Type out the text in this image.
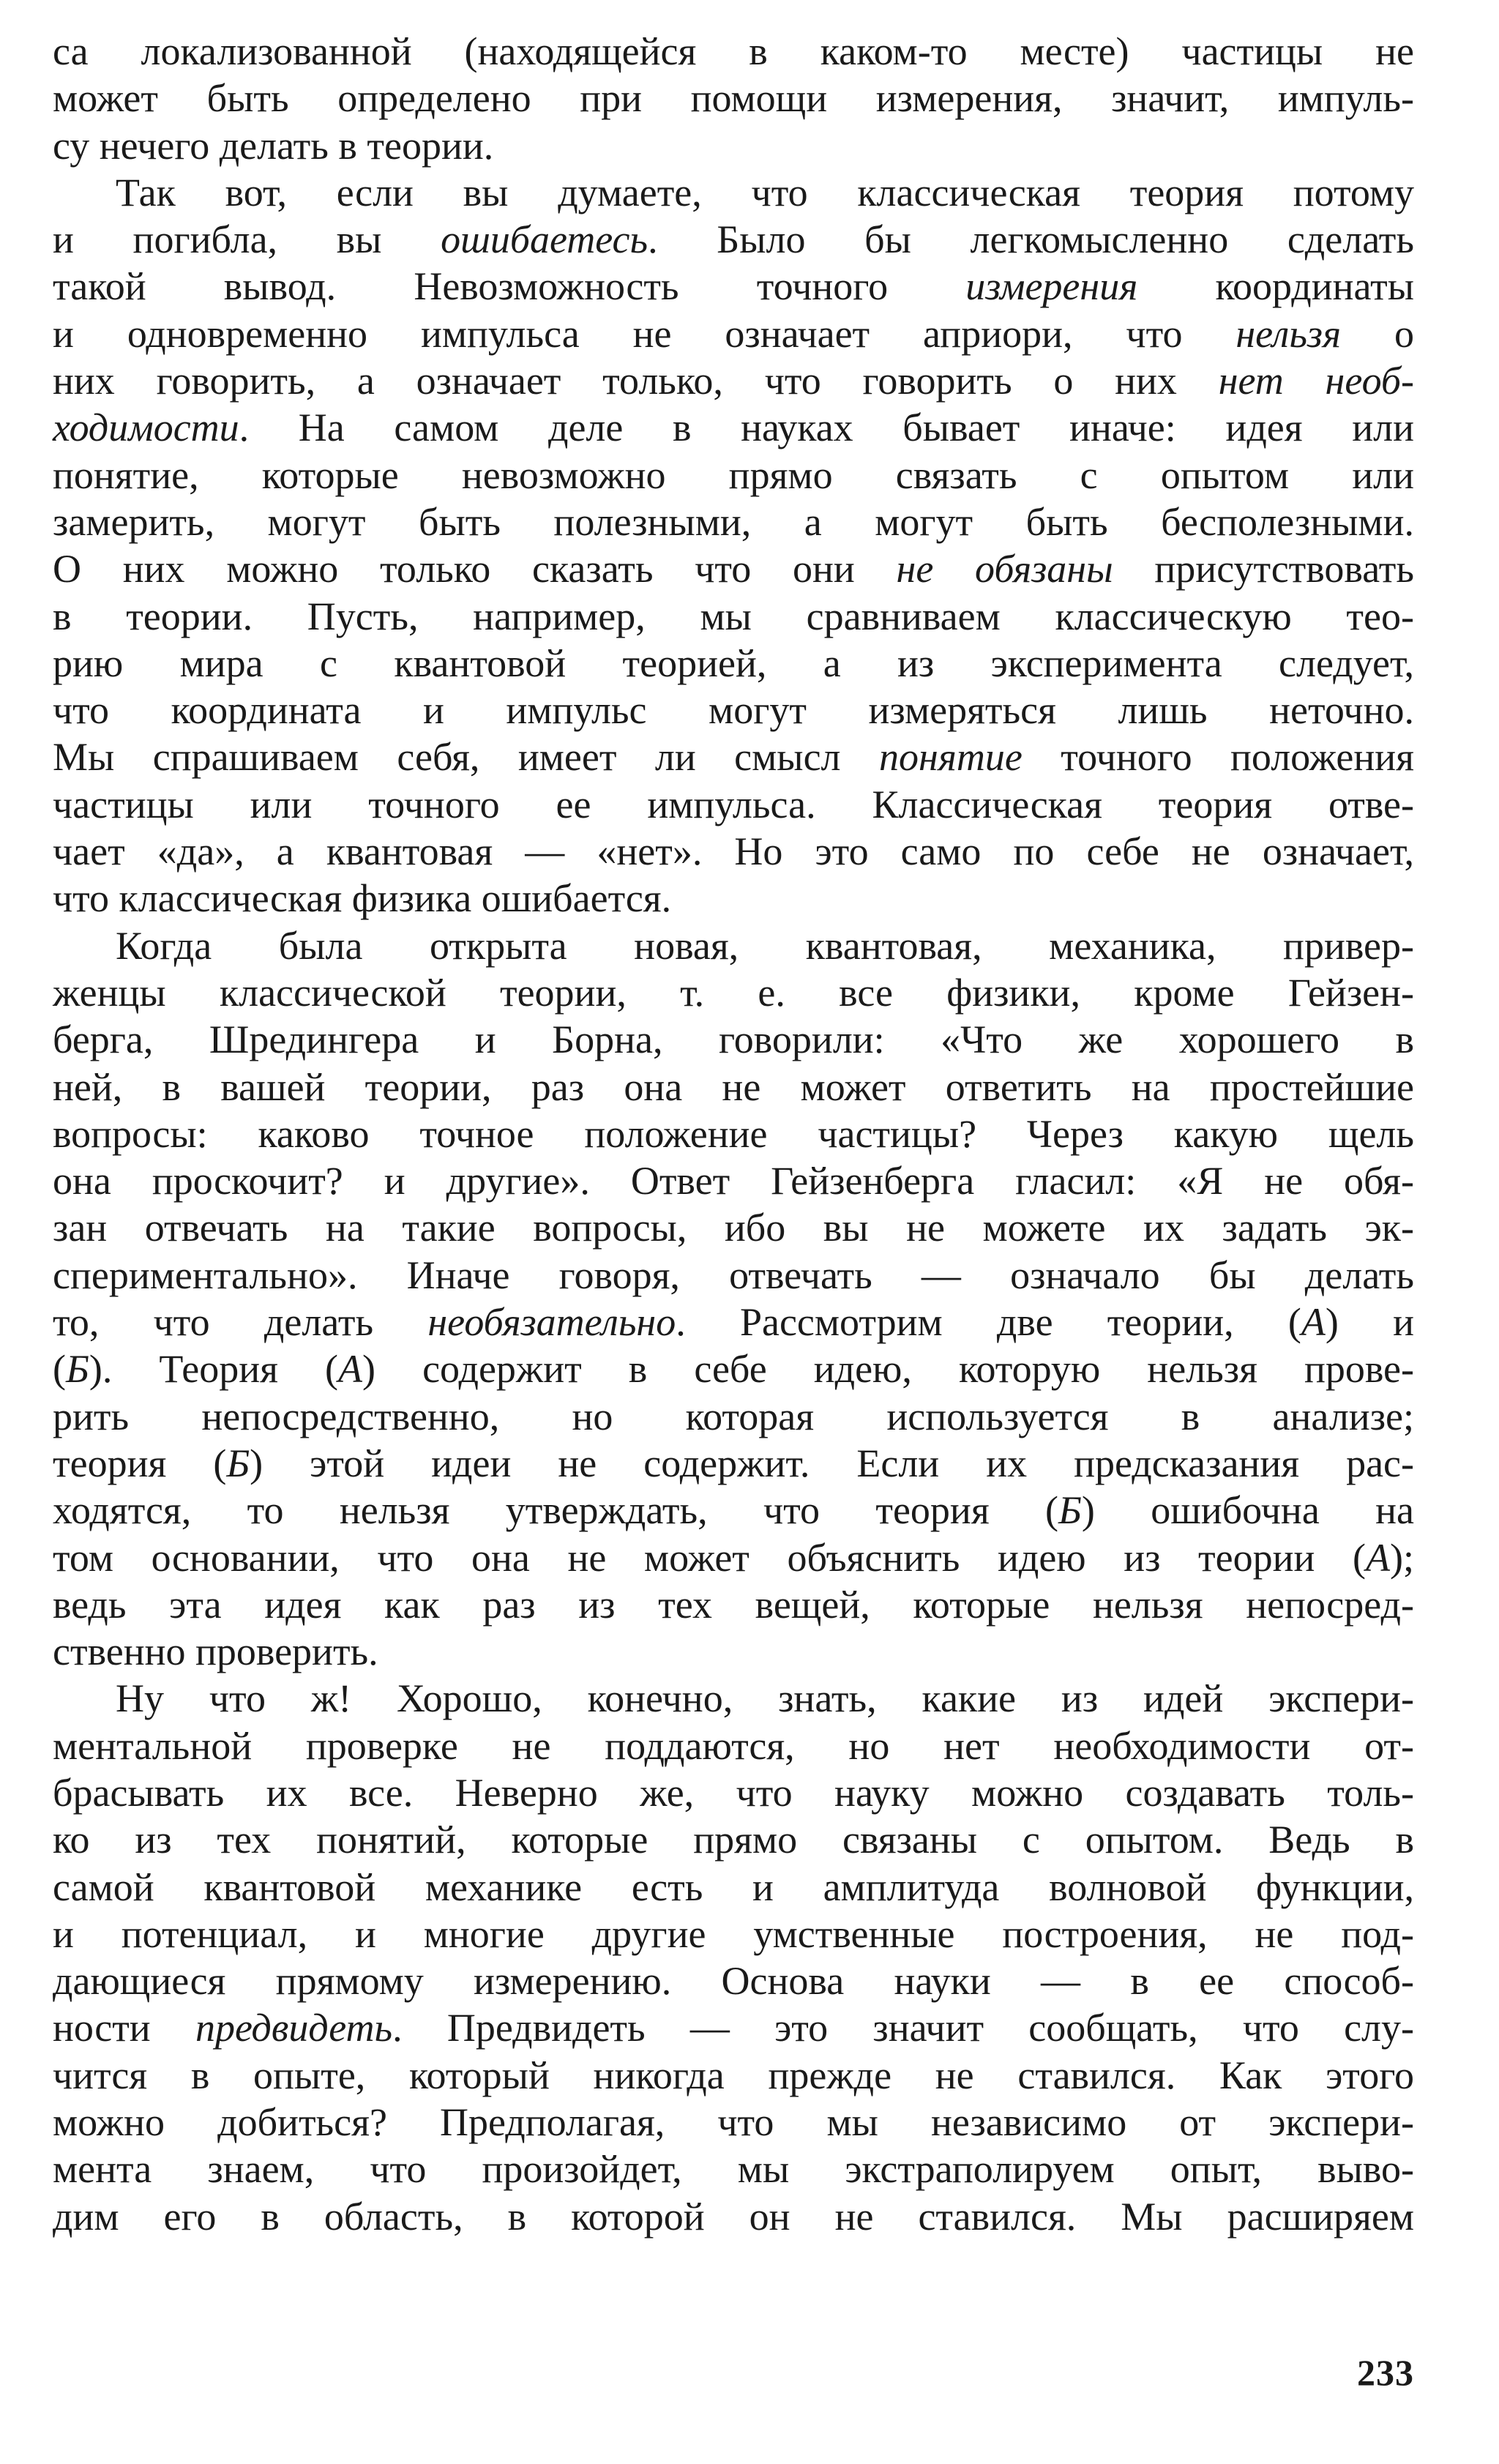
са локализованной (находящейся в каком-то месте) частицы не
может быть определено при помощи измерения, значит, импуль-
су нечего делать в теории.
Так вот, если вы думаете, что классическая теория потому
и погибла, вы ошибаетесь. Было бы легкомысленно сделать
такой вывод. Невозможность точного измерения координаты
и одновременно импульса не означает априори, что нельзя о
них говорить, а означает только, что говорить о них нет необ-
ходимости. На самом деле в науках бывает иначе: идея или
понятие, которые невозможно прямо связать с опытом или
замерить, могут быть полезными, а могут быть бесполезными.
О них можно только сказать что они не обязаны присутствовать
в теории. Пусть, например, мы сравниваем классическую тео-
рию мира с квантовой теорией, а из эксперимента следует,
что координата и импульс могут измеряться лишь неточно.
Мы спрашиваем себя, имеет ли смысл понятие точного положения
частицы или точного ее импульса. Классическая теория отве-
чает «да», а квантовая — «нет». Но это само по себе не означает,
что классическая физика ошибается.
Когда была открыта новая, квантовая, механика, привер-
женцы классической теории, т. е. все физики, кроме Гейзен-
берга, Шредингера и Борна, говорили: «Что же хорошего в
ней, в вашей теории, раз она не может ответить на простейшие
вопросы: каково точное положение частицы? Через какую щель
она проскочит? и другие». Ответ Гейзенберга гласил: «Я не обя-
зан отвечать на такие вопросы, ибо вы не можете их задать эк-
спериментально». Иначе говоря, отвечать — означало бы делать
то, что делать необязательно. Рассмотрим две теории, (А) и
(Б). Теория (А) содержит в себе идею, которую нельзя прове-
рить непосредственно, но которая используется в анализе;
теория (Б) этой идеи не содержит. Если их предсказания рас-
ходятся, то нельзя утверждать, что теория (Б) ошибочна на
том основании, что она не может объяснить идею из теории (А);
ведь эта идея как раз из тех вещей, которые нельзя непосред-
ственно проверить.
Ну что ж! Хорошо, конечно, знать, какие из идей экспери-
ментальной проверке не поддаются, но нет необходимости от-
брасывать их все. Неверно же, что науку можно создавать толь-
ко из тех понятий, которые прямо связаны с опытом. Ведь в
самой квантовой механике есть и амплитуда волновой функции,
и потенциал, и многие другие умственные построения, не под-
дающиеся прямому измерению. Основа науки — в ее способ-
ности предвидеть. Предвидеть — это значит сообщать, что слу-
чится в опыте, который никогда прежде не ставился. Как этого
можно добиться? Предполагая, что мы независимо от экспери-
мента знаем, что произойдет, мы экстраполируем опыт, выво-
дим его в область, в которой он не ставился. Мы расширяем
233
